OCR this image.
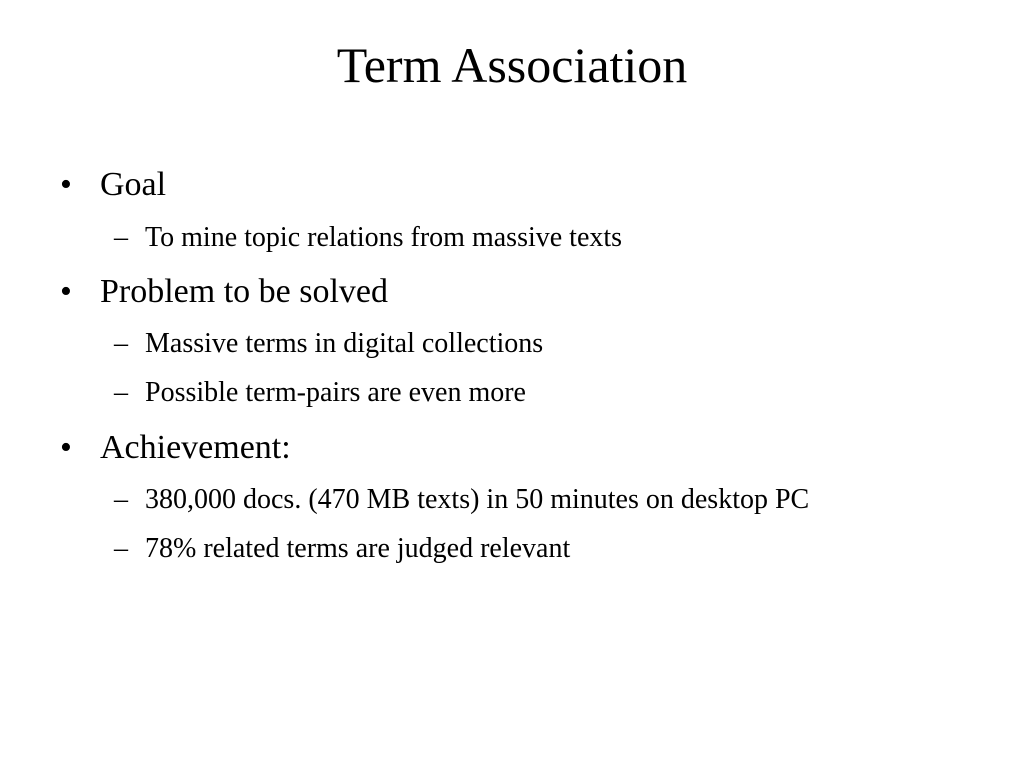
Term Association
• Goal
– To mine topic relations from massive texts
• Problem to be solved
– Massive terms in digital collections
– Possible term-pairs are even more
• Achievement:
– 380,000 docs. (470 MB texts) in 50 minutes on desktop PC
– 78% related terms are judged relevant
